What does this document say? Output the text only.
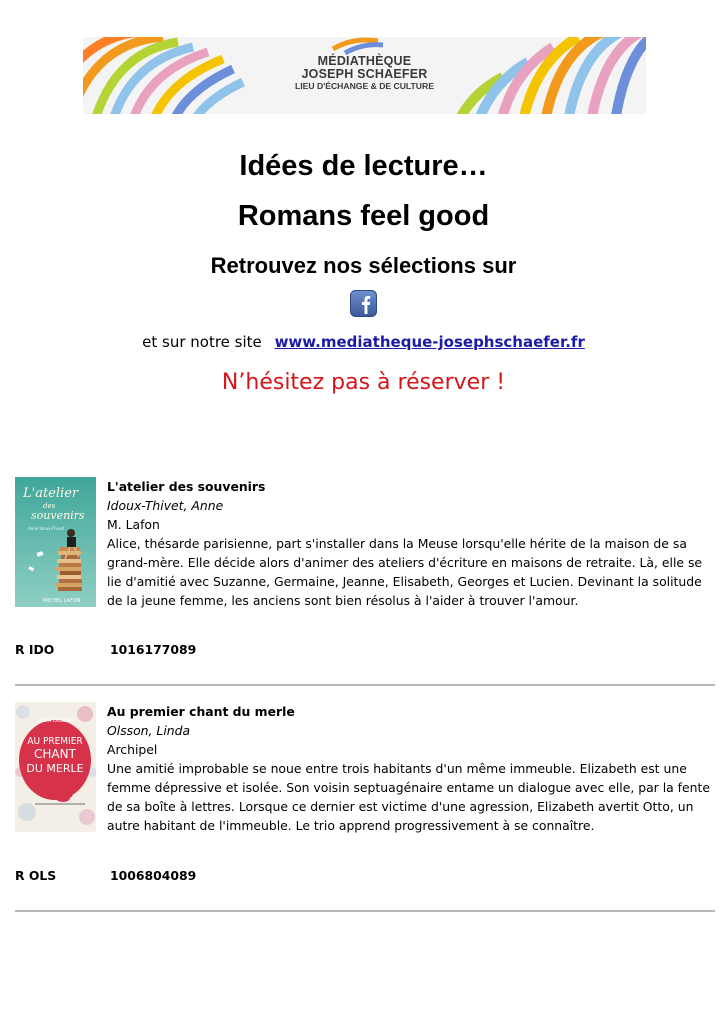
MÉDIATHÈQUE
JOSEPH SCHAEFER
LIEU D'ÉCHANGE & DE CULTURE
Idées de lecture…
Romans feel good
Retrouvez nos sélections sur
et sur notre site www.mediatheque-josephschaefer.fr
N’hésitez pas à réserver !
L'atelier
des
souvenirs
Anne Idoux-Thivet
MICHEL LAFON
L'atelier des souvenirs
Idoux-Thivet, Anne
M. Lafon
Alice, thésarde parisienne, part s'installer dans la Meuse lorsqu'elle hérite de la maison de sa grand-mère. Elle décide alors d'animer des ateliers d'écriture en maisons de retraite. Là, elle se lie d'amitié avec Suzanne, Germaine, Jeanne, Elisabeth, Georges et Lucien. Devinant la solitude de la jeune femme, les anciens sont bien résolus à l'aider à trouver l'amour.
R IDO	1016177089
LINDA OLSSON
AU PREMIER
CHANT
DU MERLE
Au premier chant du merle
Olsson, Linda
Archipel
Une amitié improbable se noue entre trois habitants d'un même immeuble. Elizabeth est une femme dépressive et isolée. Son voisin septuagénaire entame un dialogue avec elle, par la fente de sa boîte à lettres. Lorsque ce dernier est victime d'une agression, Elizabeth avertit Otto, un autre habitant de l'immeuble. Le trio apprend progressivement à se connaître.
R OLS	1006804089
